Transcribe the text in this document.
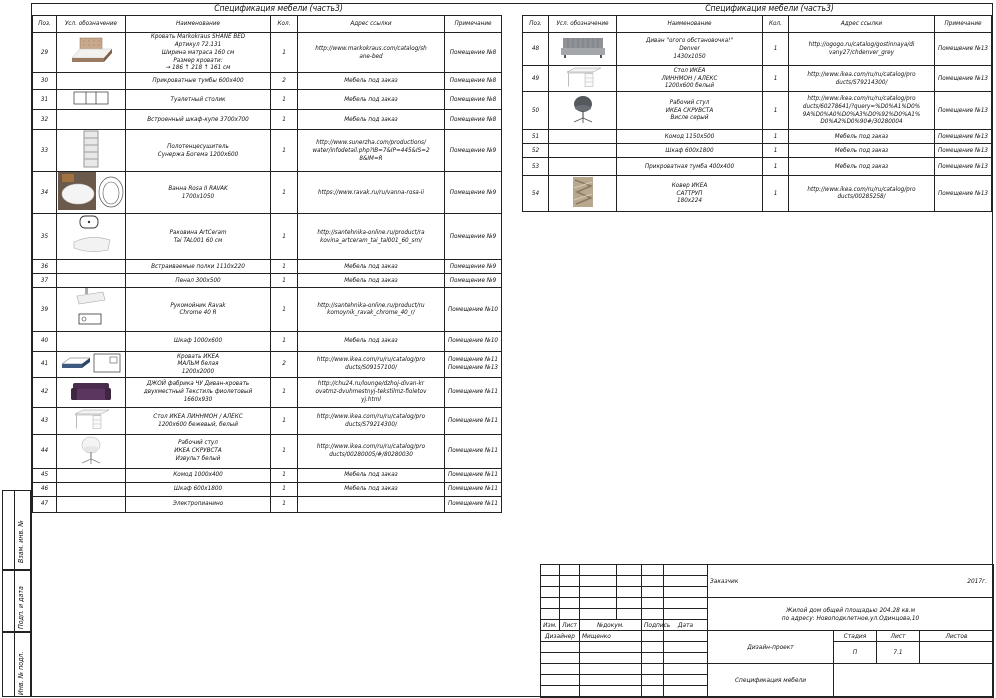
Спецификация мебели (часть3)	Спецификация мебели (часть3)
Поз.	Усл. обозначение	Наименование	Кол.	Адрес ссылки	Примечание
29		Кровать Markokraus SHANE BED
Артикул 72.131
Ширина матраса 160 см
Размер кровати:
→ 186 ↑ 218 ↑ 161 см	1	http://www.markokraus.com/catalog/sh
ane-bed	Помещение №8
30		Прикроватные тумбы 600х400	2	Мебель под заказ	Помещение №8
31		Туалетный столик	1	Мебель под заказ	Помещение №8
32		Встроенный шкаф-купе 3700х700	1	Мебель под заказ	Помещение №8
33		Полотенцесушитель
Сунержа Богема 1200х600	1	http://www.sunerzha.com/productions/
water/infodetail.php?IB=7&IP=445&IS=2
8&IM=R	Помещение №9
34		Ванна Rosa II RAVAK
1700х1050	1	https://www.ravak.ru/ru/vanna-rosa-ii	Помещение №9
35		Раковина ArtCeram
Tai TAL001 60 см	1	http://santehnika-online.ru/product/ra
kovina_artceram_tai_tal001_60_sm/	Помещение №9
36		Встраиваемые полки 1110х220	1	Мебель под заказ	Помещение №9
37		Пенал 300х500	1	Мебель под заказ	Помещение №9
39		Рукомойник Ravak
Chrome 40 R	1	http://santehnika-online.ru/product/ru
komoynik_ravak_chrome_40_r/	Помещение №10
40		Шкаф 1000х600	1	Мебель под заказ	Помещение №10
41		Кровать ИКЕА
МАЛЬМ белая
1200х2000	2	http://www.ikea.com/ru/ru/catalog/pro
ducts/S09157100/	Помещение №11
Помещение №13
42		ДЖОЙ фабрика ЧУ Диван-кровать
двухместный Текстиль фиолетовый
1660х930	1	http://chu24.ru/lounge/dzhoj-divan-kr
ovatmz-dvuhmestnyj-tekstilmz-fioletov
yj.html	Помещение №11
43		Стол ИКЕА ЛИННМОН / АЛЕКС
1200х600 бежевый, белый	1	http://www.ikea.com/ru/ru/catalog/pro
ducts/S79214300/	Помещение №11
44		Рабочий стул
ИКЕА СКРУВСТА
Извульт белый	1	http://www.ikea.com/ru/ru/catalog/pro
ducts/00280005/#/80280030	Помещение №11
45		Комод 1000х400	1	Мебель под заказ	Помещение №11
46		Шкаф 600х1800	1	Мебель под заказ	Помещение №11
47		Электропианино	1		Помещение №11
Поз.	Усл. обозначение	Наименование	Кол.	Адрес ссылки	Примечание
48		Диван "огого обстановочка!"
Denver
1430х1050	1	http://ogogo.ru/catalog/gostinnaya/di
vany27/chdenver_grey	Помещение №13
49		Стол ИКЕА
ЛИННМОН / АЛЕКС
1200х600 белый	1	http://www.ikea.com/ru/ru/catalog/pro
ducts/S79214300/	Помещение №13
50		Рабочий стул
ИКЕА СКРУВСТА
Висле серый	1	http://www.ikea.com/ru/ru/catalog/pro
ducts/60278641/?query=%D0%A1%D0%
9A%D0%A0%D0%A3%D0%92%D0%A1%
D0%A2%D0%90#/30280004	Помещение №13
51		Комод 1150х500	1	Мебель под заказ	Помещение №13
52		Шкаф 600х1800	1	Мебель под заказ	Помещение №13
53		Прикроватная тумба 400х400	1	Мебель под заказ	Помещение №13
54		Ковер ИКЕА
САТТРУП
180х224	1	http://www.ikea.com/ru/ru/catalog/pro
ducts/00285258/	Помещение №13
Взам. инв. №
Подп. и дата
Инв. № подл.
						Заказчик 2017г.			

						Жилой дом общей площадью 204.28 кв.м
по адресу: Новоподклетное,ул.Одинцова,10			

Изм.	Лист	№докум.		Подпись	Дата				
Дизайнер		Мищенко				Дизайн-проект	Стадия	Лист	Листов
							П	7.1	

						Спецификация мебели			
